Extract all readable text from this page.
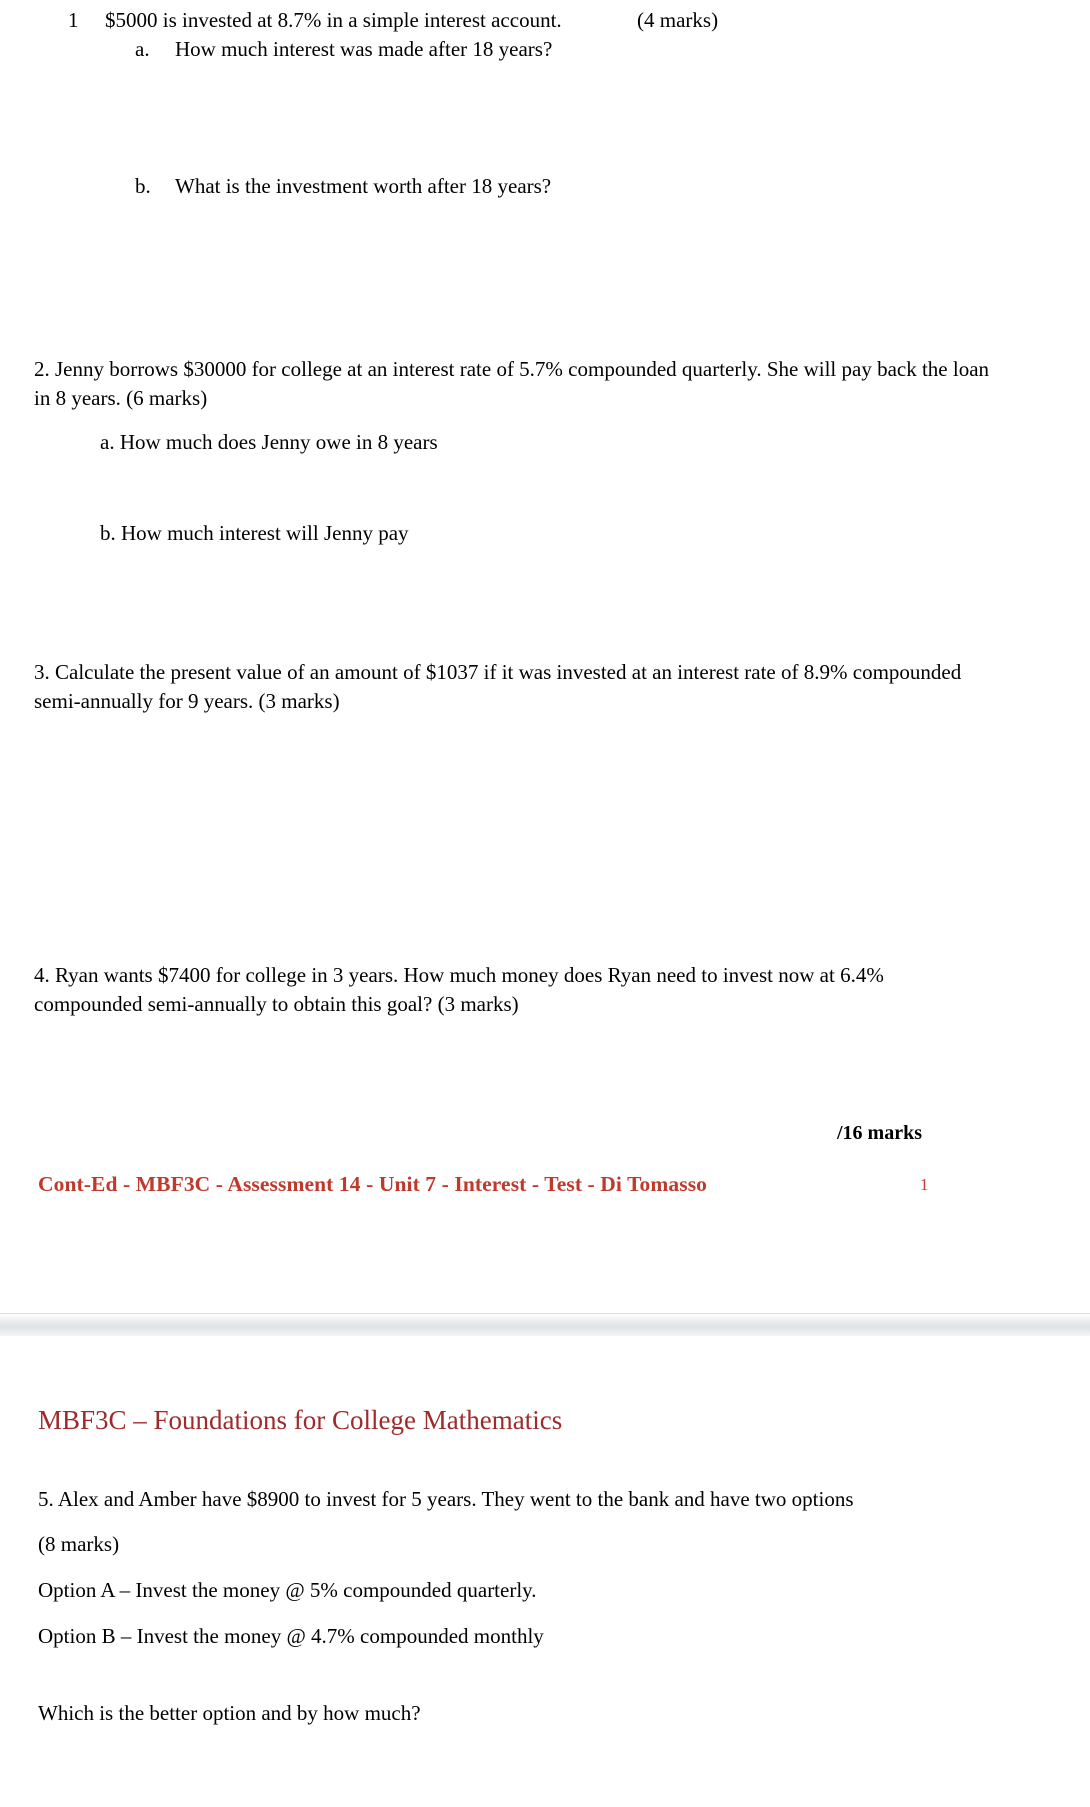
1 $5000 is invested at 8.7% in a simple interest account.	(4 marks)
a. How much interest was made after 18 years?
b. What is the investment worth after 18 years?
2. Jenny borrows $30000 for college at an interest rate of 5.7% compounded quarterly. She will pay back the loan in 8 years. (6 marks)
a. How much does Jenny owe in 8 years
b. How much interest will Jenny pay
3. Calculate the present value of an amount of $1037 if it was invested at an interest rate of 8.9% compounded semi-annually for 9 years. (3 marks)
4. Ryan wants $7400 for college in 3 years. How much money does Ryan need to invest now at 6.4% compounded semi-annually to obtain this goal? (3 marks)
/16 marks
Cont-Ed - MBF3C - Assessment 14 - Unit 7 - Interest - Test - Di Tomasso	1
MBF3C – Foundations for College Mathematics
5. Alex and Amber have $8900 to invest for 5 years. They went to the bank and have two options
(8 marks)
Option A – Invest the money @ 5% compounded quarterly.
Option B – Invest the money @ 4.7% compounded monthly
Which is the better option and by how much?
